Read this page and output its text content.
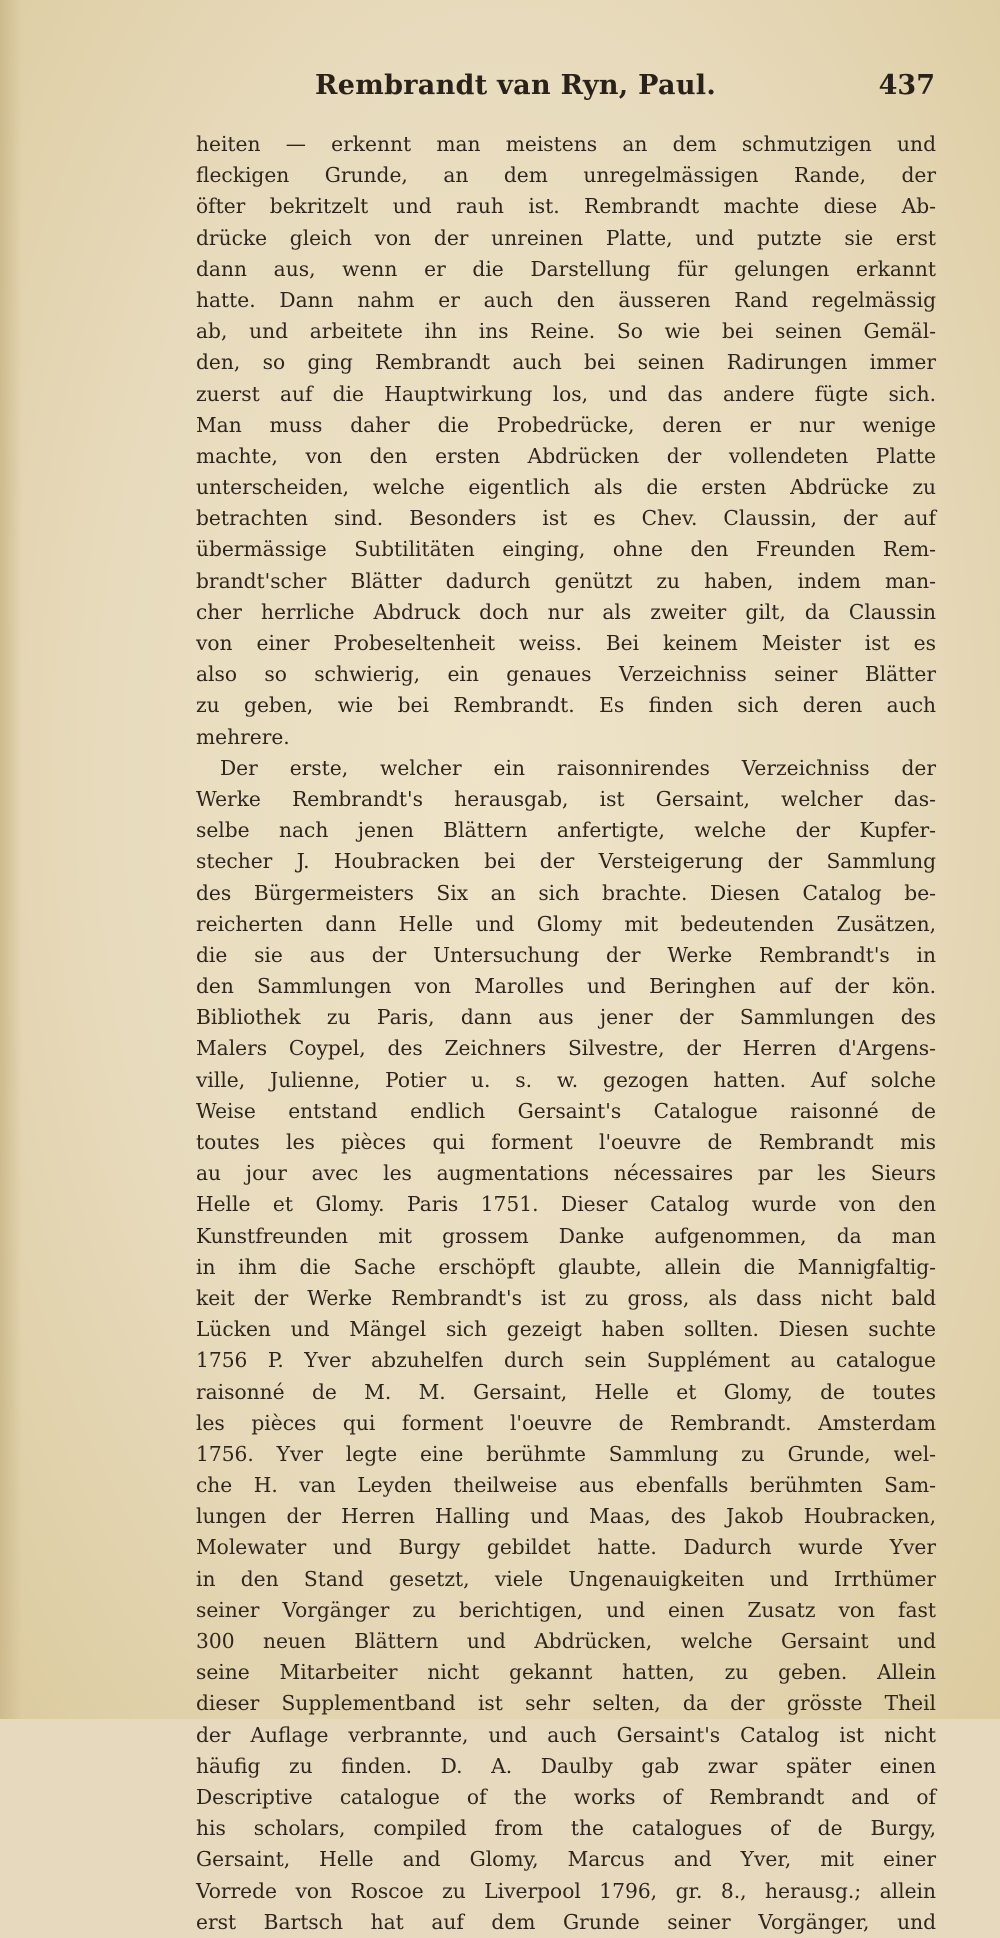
Rembrandt van Ryn, Paul.	437
heiten — erkennt man meistens an dem schmutzigen und
fleckigen Grunde, an dem unregelmässigen Rande, der
öfter bekritzelt und rauh ist. Rembrandt machte diese Ab-
drücke gleich von der unreinen Platte, und putzte sie erst
dann aus, wenn er die Darstellung für gelungen erkannt
hatte. Dann nahm er auch den äusseren Rand regelmässig
ab, und arbeitete ihn ins Reine. So wie bei seinen Gemäl-
den, so ging Rembrandt auch bei seinen Radirungen immer
zuerst auf die Hauptwirkung los, und das andere fügte sich.
Man muss daher die Probedrücke, deren er nur wenige
machte, von den ersten Abdrücken der vollendeten Platte
unterscheiden, welche eigentlich als die ersten Abdrücke zu
betrachten sind. Besonders ist es Chev. Claussin, der auf
übermässige Subtilitäten einging, ohne den Freunden Rem-
brandt'scher Blätter dadurch genützt zu haben, indem man-
cher herrliche Abdruck doch nur als zweiter gilt, da Claussin
von einer Probeseltenheit weiss. Bei keinem Meister ist es
also so schwierig, ein genaues Verzeichniss seiner Blätter
zu geben, wie bei Rembrandt. Es finden sich deren auch
mehrere.
Der erste, welcher ein raisonnirendes Verzeichniss der
Werke Rembrandt's herausgab, ist Gersaint, welcher das-
selbe nach jenen Blättern anfertigte, welche der Kupfer-
stecher J. Houbracken bei der Versteigerung der Sammlung
des Bürgermeisters Six an sich brachte. Diesen Catalog be-
reicherten dann Helle und Glomy mit bedeutenden Zusätzen,
die sie aus der Untersuchung der Werke Rembrandt's in
den Sammlungen von Marolles und Beringhen auf der kön.
Bibliothek zu Paris, dann aus jener der Sammlungen des
Malers Coypel, des Zeichners Silvestre, der Herren d'Argens-
ville, Julienne, Potier u. s. w. gezogen hatten. Auf solche
Weise entstand endlich Gersaint's Catalogue raisonné de
toutes les pièces qui forment l'oeuvre de Rembrandt mis
au jour avec les augmentations nécessaires par les Sieurs
Helle et Glomy. Paris 1751. Dieser Catalog wurde von den
Kunstfreunden mit grossem Danke aufgenommen, da man
in ihm die Sache erschöpft glaubte, allein die Mannigfaltig-
keit der Werke Rembrandt's ist zu gross, als dass nicht bald
Lücken und Mängel sich gezeigt haben sollten. Diesen suchte
1756 P. Yver abzuhelfen durch sein Supplément au catalogue
raisonné de M. M. Gersaint, Helle et Glomy, de toutes
les pièces qui forment l'oeuvre de Rembrandt. Amsterdam
1756. Yver legte eine berühmte Sammlung zu Grunde, wel-
che H. van Leyden theilweise aus ebenfalls berühmten Sam-
lungen der Herren Halling und Maas, des Jakob Houbracken,
Molewater und Burgy gebildet hatte. Dadurch wurde Yver
in den Stand gesetzt, viele Ungenauigkeiten und Irrthümer
seiner Vorgänger zu berichtigen, und einen Zusatz von fast
300 neuen Blättern und Abdrücken, welche Gersaint und
seine Mitarbeiter nicht gekannt hatten, zu geben. Allein
dieser Supplementband ist sehr selten, da der grösste Theil
der Auflage verbrannte, und auch Gersaint's Catalog ist nicht
häufig zu finden. D. A. Daulby gab zwar später einen
Descriptive catalogue of the works of Rembrandt and of
his scholars, compiled from the catalogues of de Burgy,
Gersaint, Helle and Glomy, Marcus and Yver, mit einer
Vorrede von Roscoe zu Liverpool 1796, gr. 8., herausg.; allein
erst Bartsch hat auf dem Grunde seiner Vorgänger, und
